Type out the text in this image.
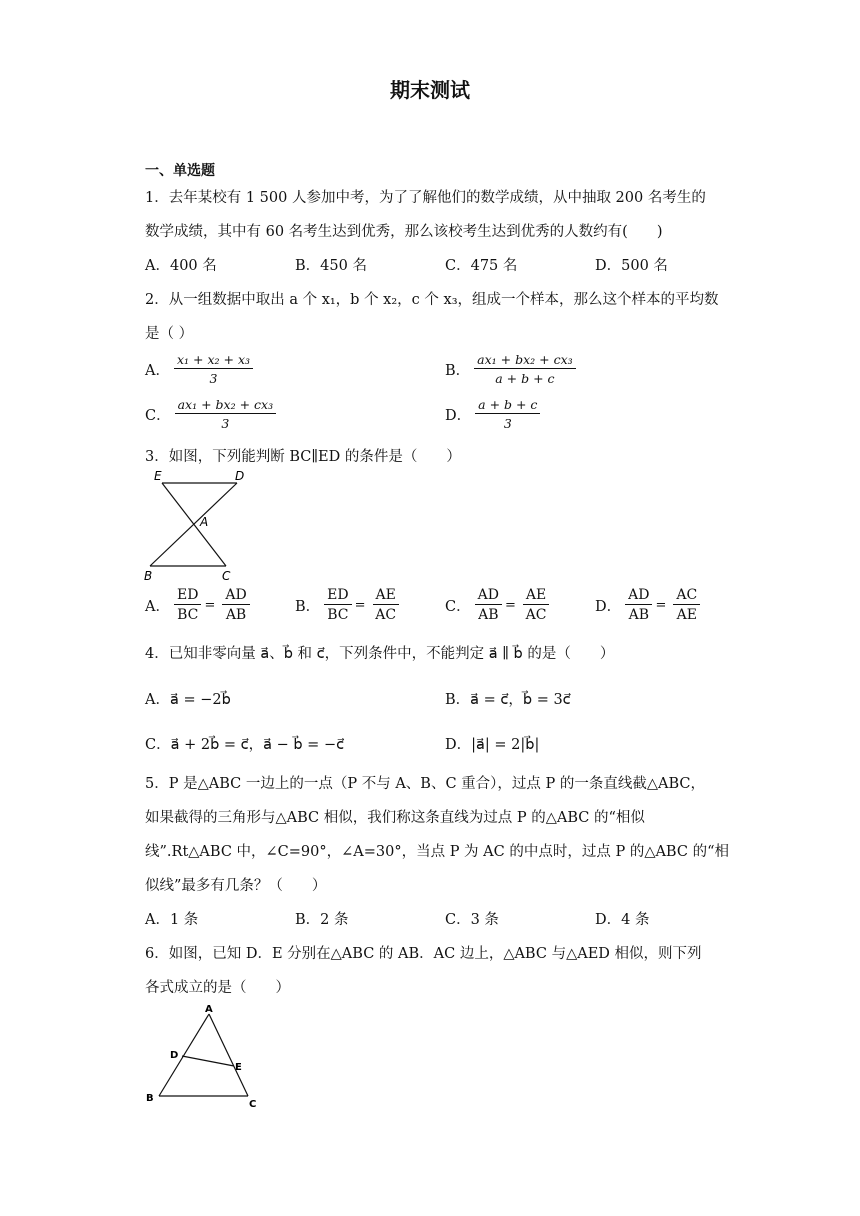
期末测试
一、单选题
1．去年某校有 1 500 人参加中考，为了了解他们的数学成绩，从中抽取 200 名考生的
数学成绩，其中有 60 名考生达到优秀，那么该校考生达到优秀的人数约有(　　)
A．400 名	B．450 名	C．475 名	D．500 名
2．从一组数据中取出 a 个 x₁，b 个 x₂，c 个 x₃，组成一个样本，那么这个样本的平均数
是（ ）
A． $\frac{\text{x₁ + x₂ + x₃}}{3}$	B． $\frac{\text{ax₁ + bx₂ + cx₃}}{a + b + c}$
C． $\frac{\text{ax₁ + bx₂ + cx₃}}{3}$	D． $\frac{a + b + c}{3}$
3．如图，下列能判断 BC∥ED 的条件是（　　）
E	D
A
B	C
A． $\frac{ED}{BC} = \frac{AD}{AB}$	B． $\frac{ED}{BC} = \frac{AE}{AC}$	C． $\frac{AD}{AB} = \frac{AE}{AC}$	D． $\frac{AD}{AB} = \frac{AC}{AE}$
4．已知非零向量 a⃗、b⃗ 和 c⃗，下列条件中，不能判定 a⃗ ∥ b⃗ 的是（　　）
A．a⃗ = −2b⃗	B．a⃗ = c⃗，b⃗ = 3c⃗
C．a⃗ + 2b⃗ = c⃗，a⃗ − b⃗ = −c⃗	D．|a⃗| = 2|b⃗|
5．P 是△ABC 一边上的一点（P 不与 A、B、C 重合），过点 P 的一条直线截△ABC，
如果截得的三角形与△ABC 相似，我们称这条直线为过点 P 的△ABC 的“相似
线”.Rt△ABC 中，∠C=90°，∠A=30°，当点 P 为 AC 的中点时，过点 P 的△ABC 的“相
似线”最多有几条？（　　）
A．1 条	B．2 条	C．3 条	D．4 条
6．如图，已知 D．E 分别在△ABC 的 AB．AC 边上，△ABC 与△AED 相似，则下列
各式成立的是（　　）
A
D
E
B
C
